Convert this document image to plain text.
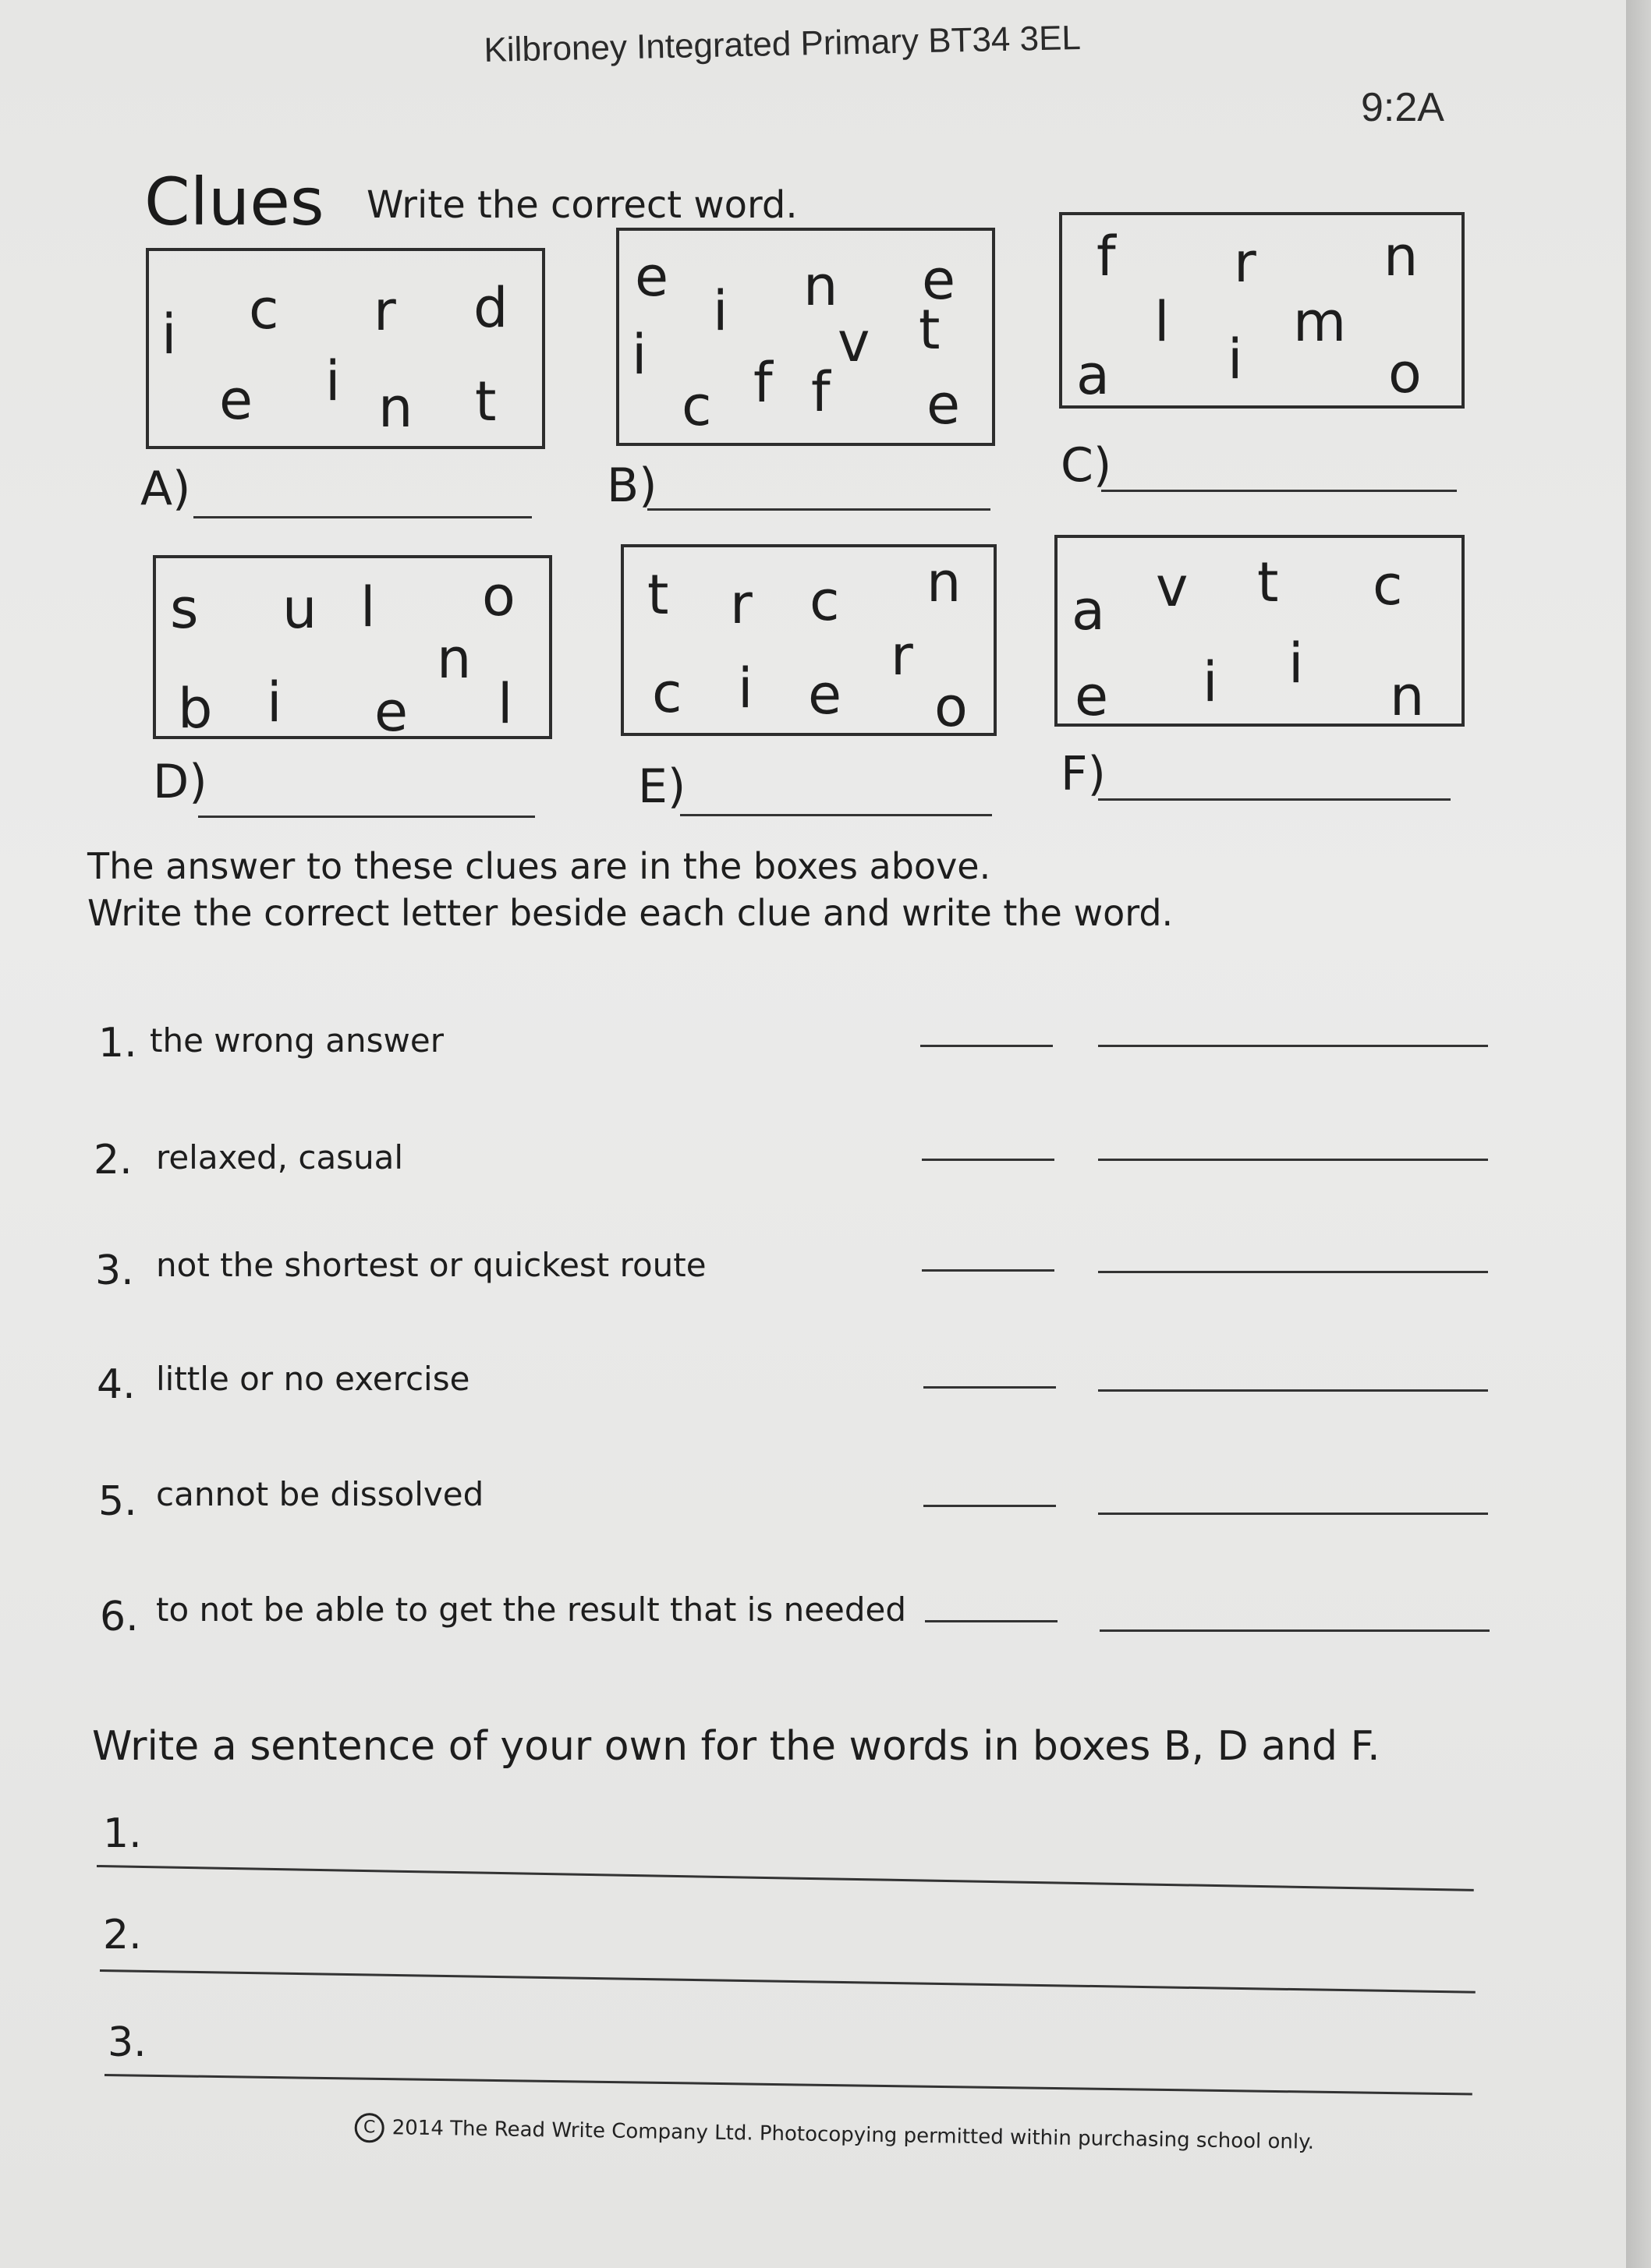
Kilbroney Integrated Primary BT34 3EL
9:2A
Clues Write the correct word.
i c r d
e i n t
A)
e
i n e
v t
i
c f f e
B)
f r n
l m
a i	o
C)
s u l o
n
b i e l
D)
t r c n
r
c i e o
E)
a v t c
i
e i	n
F)
The answer to these clues are in the boxes above.
Write the correct letter beside each clue and write the word.
1. the wrong answer
2. relaxed, casual
3. not the shortest or quickest route
4. little or no exercise
5. cannot be dissolved
6. to not be able to get the result that is needed
Write a sentence of your own for the words in boxes B, D and F.
1.
2.
3.
C 2014 The Read Write Company Ltd. Photocopying permitted within purchasing school only.
